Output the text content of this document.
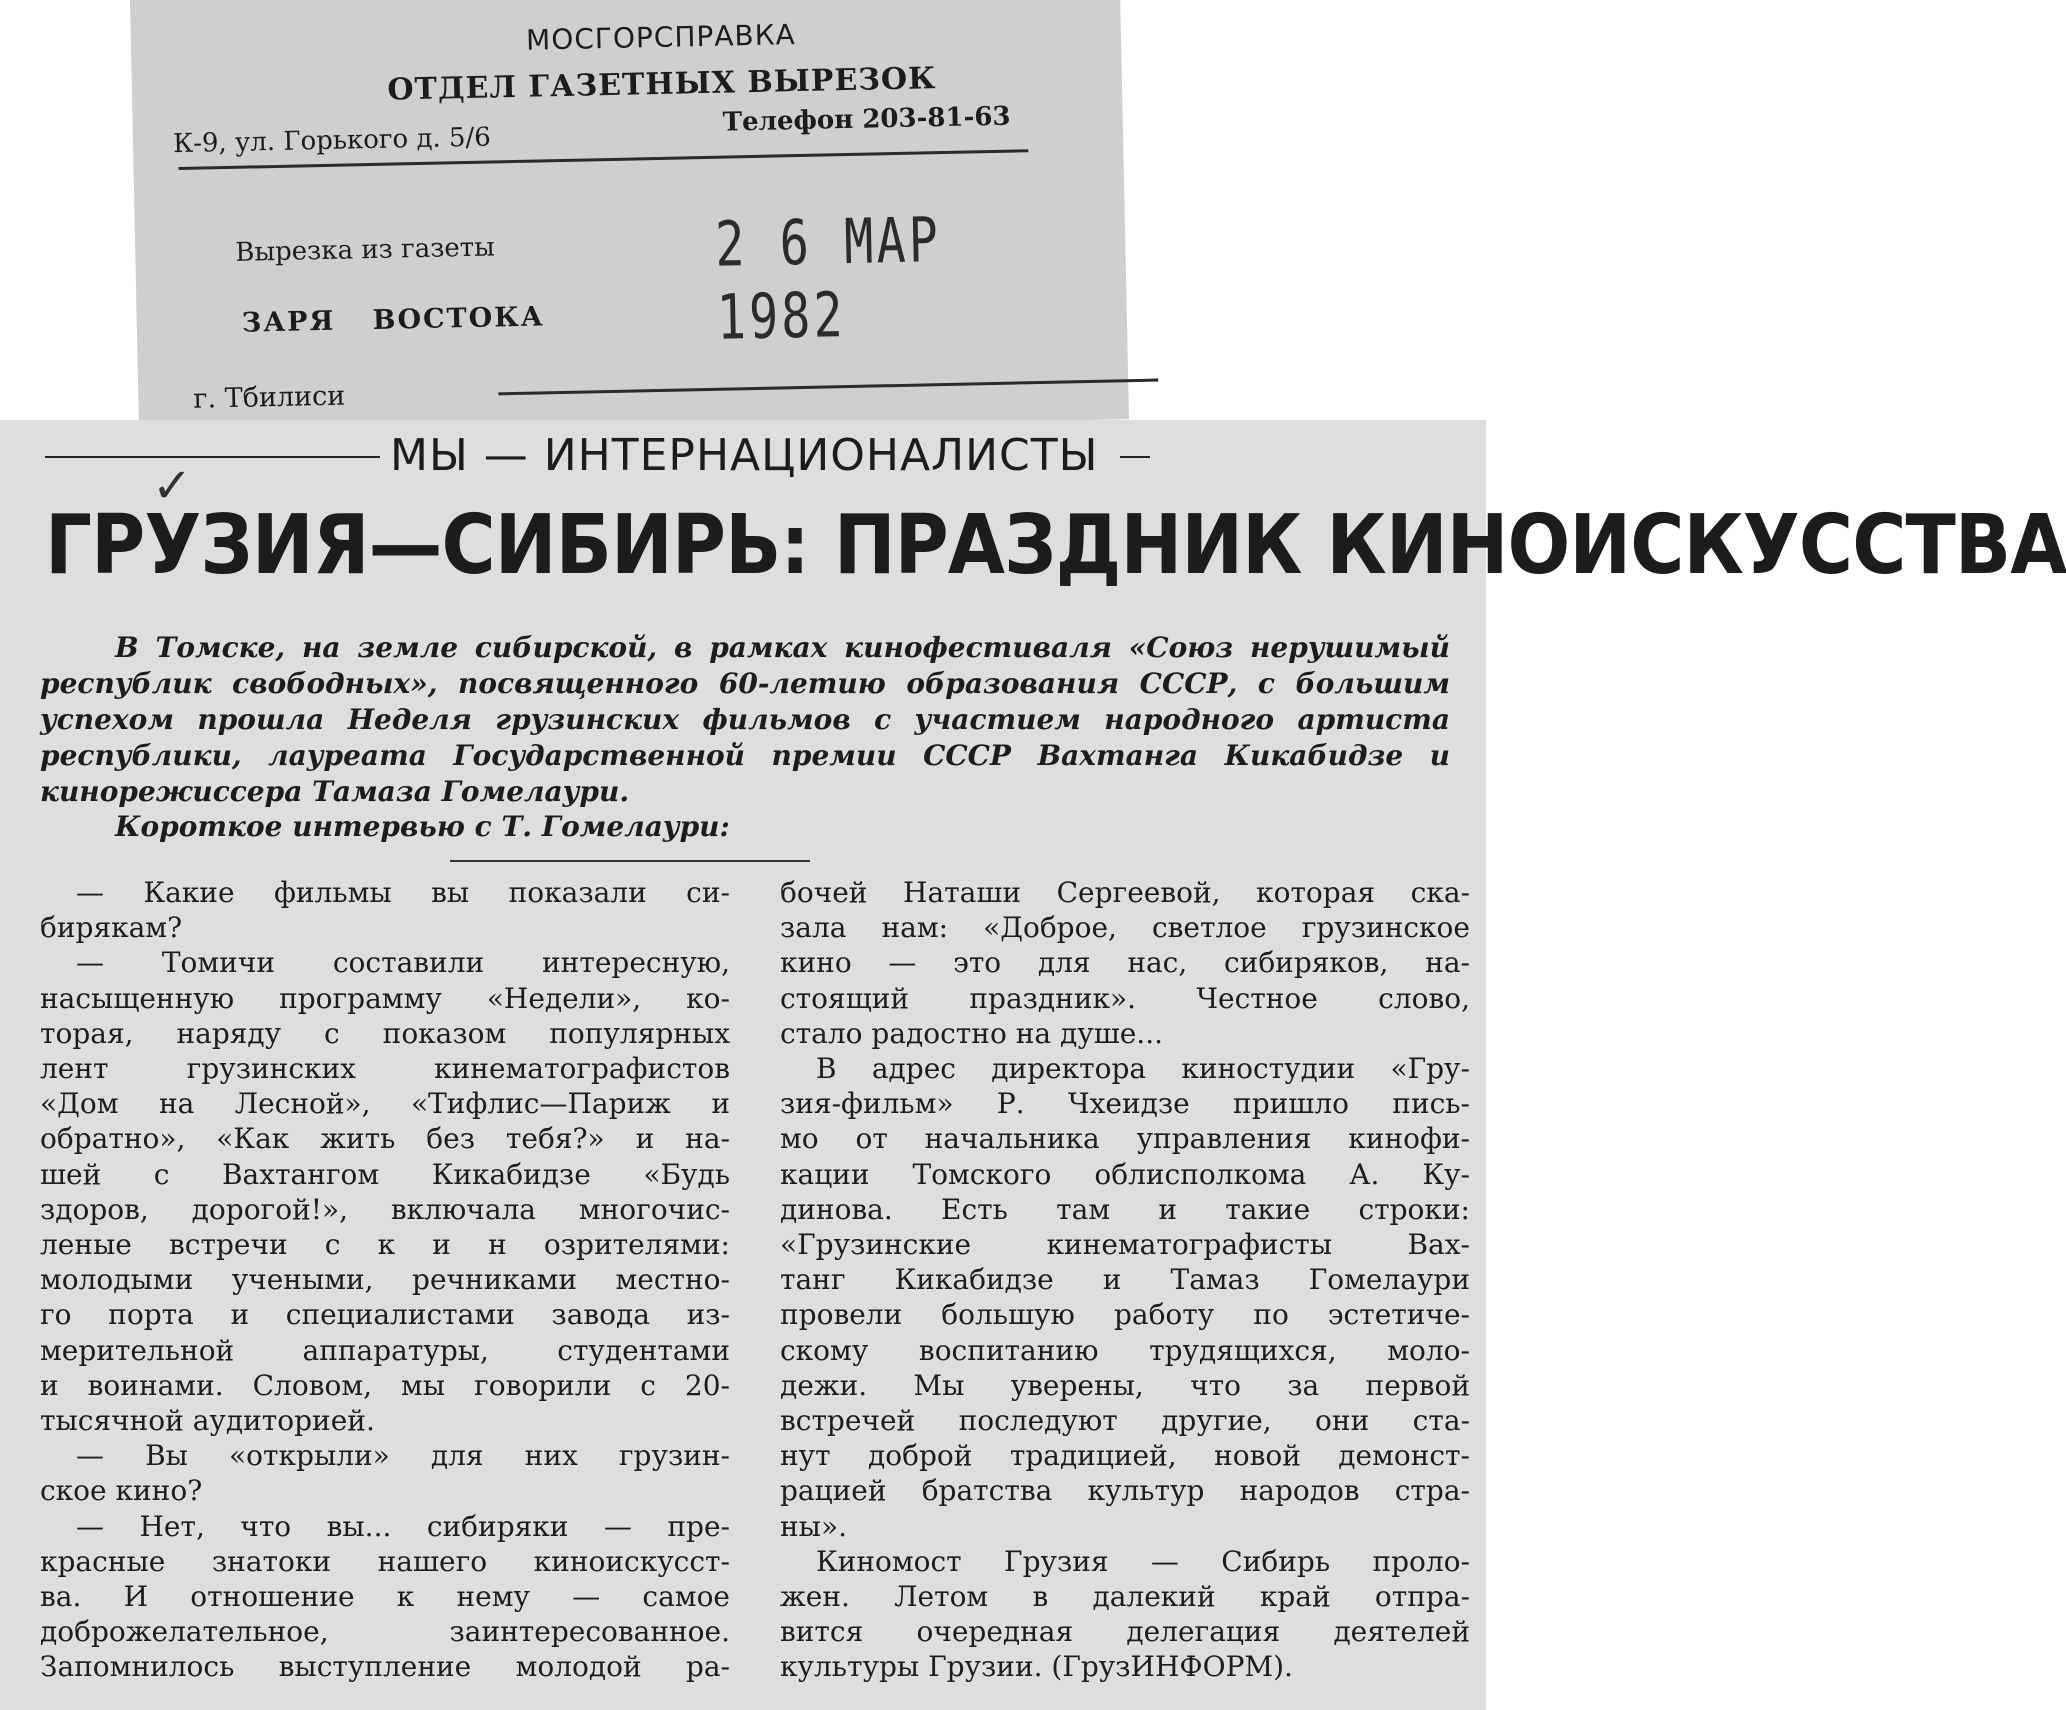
МОСГОРСПРАВКА
ОТДЕЛ ГАЗЕТНЫХ ВЫРЕЗОК
К-9, ул. Горького д. 5/6
Телефон 203-81-63
Вырезка из газеты	2 6 МАР 1982
ЗАРЯ ВОСТОКА
г. Тбилиси
МЫ — ИНТЕРНАЦИОНАЛИСТЫ
✓
ГРУЗИЯ—СИБИРЬ: ПРАЗДНИК КИНОИСКУССТВА
В Томске, на земле сибирской, в рамках кинофестиваля «Союз нерушимый республик свободных», посвященного 60-летию образования СССР, с большим успехом прошла Неделя грузинских фильмов с участием народного артиста республики, лауреата Государственной премии СССР Вахтанга Кикабидзе и кинорежиссера Тамаза Гомелаури.
Короткое интервью с Т. Гомелаури:
— Какие фильмы вы показали си-
бирякам?
— Томичи составили интересную,
насыщенную программу «Недели», ко-
торая, наряду с показом популярных
лент грузинских кинематографистов
«Дом на Лесной», «Тифлис—Париж и
обратно», «Как жить без тебя?» и на-
шей с Вахтангом Кикабидзе «Будь
здоров, дорогой!», включала многочис-
леные встречи с к и н озрителями:
молодыми учеными, речниками местно-
го порта и специалистами завода из-
мерительной аппаратуры, студентами
и воинами. Словом, мы говорили с 20-
тысячной аудиторией.
— Вы «открыли» для них грузин-
ское кино?
— Нет, что вы... сибиряки — пре-
красные знатоки нашего киноискусст-
ва. И отношение к нему — самое
доброжелательное, заинтересованное.
Запомнилось выступление молодой ра-
бочей Наташи Сергеевой, которая ска-
зала нам: «Доброе, светлое грузинское
кино — это для нас, сибиряков, на-
стоящий праздник». Честное слово,
стало радостно на душе...
В адрес директора киностудии «Гру-
зия-фильм» Р. Чхеидзе пришло пись-
мо от начальника управления кинофи-
кации Томского облисполкома А. Ку-
динова. Есть там и такие строки:
«Грузинские кинематографисты Вах-
танг Кикабидзе и Тамаз Гомелаури
провели большую работу по эстетиче-
скому воспитанию трудящихся, моло-
дежи. Мы уверены, что за первой
встречей последуют другие, они ста-
нут доброй традицией, новой демонст-
рацией братства культур народов стра-
ны».
Киномост Грузия — Сибирь проло-
жен. Летом в далекий край отпра-
вится очередная делегация деятелей
культуры Грузии. (ГрузИНФОРМ).
